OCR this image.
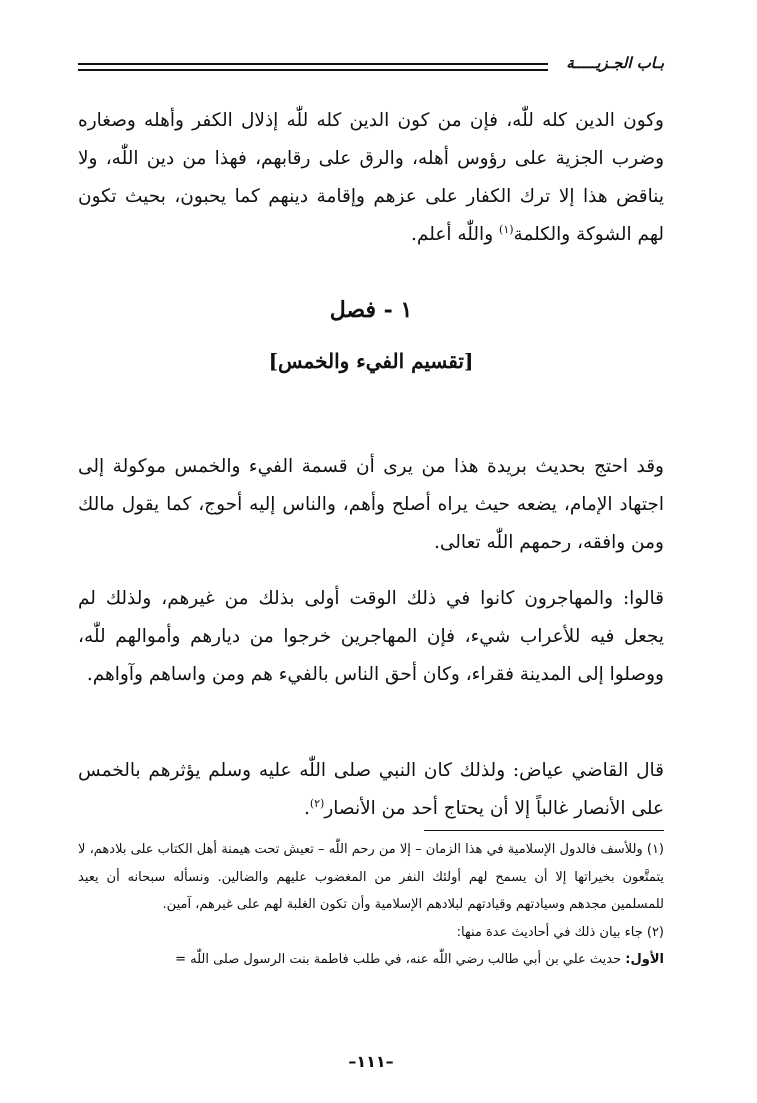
بـاب الجـزيـــــة

وكون الدين كله للّٰه، فإن من كون الدين كله للّٰه إذلال الكفر وأهله وصغاره وضرب الجزية على رؤوس أهله، والرق على رقابهم، فهذا من دين اللّٰه، ولا يناقض هذا إلا ترك الكفار على عزهم وإقامة دينهم كما يحبون، بحيث تكون لهم الشوكة والكلمة$^{(١)}$ واللّٰه أعلم.

١ - فصل
[تقسيم الفيء والخمس]

وقد احتج بحديث بريدة هذا من يرى أن قسمة الفيء والخمس موكولة إلى اجتهاد الإمام، يضعه حيث يراه أصلح وأهم، والناس إليه أحوج، كما يقول مالك ومن وافقه، رحمهم اللّٰه تعالى.

قالوا: والمهاجرون كانوا في ذلك الوقت أولى بذلك من غيرهم، ولذلك لم يجعل فيه للأعراب شيء، فإن المهاجرين خرجوا من ديارهم وأموالهم للّٰه، ووصلوا إلى المدينة فقراء، وكان أحق الناس بالفيء هم ومن واساهم وآواهم.

قال القاضي عياض: ولذلك كان النبي صلى اللّٰه عليه وسلم يؤثرهم بالخمس على الأنصار غالباً إلا أن يحتاج أحد من الأنصار$^{(٢)}$.

(١) وللأسف فالدول الإسلامية في هذا الزمان – إلا من رحم اللّٰه – تعيش تحت هيمنة أهل الكتاب على بلادهم، لا يتمتَّعون بخيراتها إلا أن يسمح لهم أولئك النفر من المغضوب عليهم والضالين. ونسأله سبحانه أن يعيد للمسلمين مجدهم وسيادتهم وقيادتهم لبلادهم الإسلامية وأن تكون الغلبة لهم على غيرهم، آمين.

(٢) جاء بيان ذلك في أحاديث عدة منها:

الأول: حديث علي بن أبي طالب رضي اللّٰه عنه، في طلب فاطمة بنت الرسول صلى اللّٰه =

–١١١–
